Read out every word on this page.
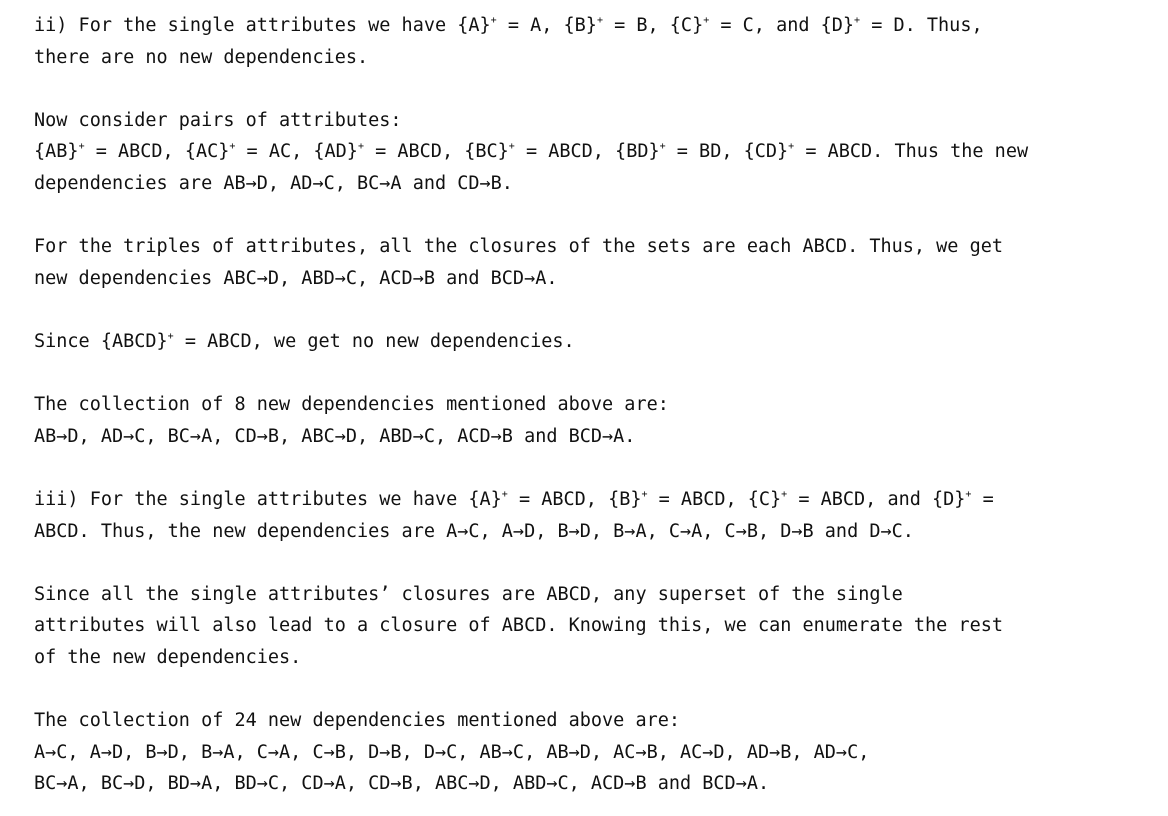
ii) For the single attributes we have {A}+ = A, {B}+ = B, {C}+ = C, and {D}+ = D. Thus,
there are no new dependencies.
Now consider pairs of attributes:
{AB}+ = ABCD, {AC}+ = AC, {AD}+ = ABCD, {BC}+ = ABCD, {BD}+ = BD, {CD}+ = ABCD. Thus the new
dependencies are AB→D, AD→C, BC→A and CD→B.
For the triples of attributes, all the closures of the sets are each ABCD. Thus, we get
new dependencies ABC→D, ABD→C, ACD→B and BCD→A.
Since {ABCD}+ = ABCD, we get no new dependencies.
The collection of 8 new dependencies mentioned above are:
AB→D, AD→C, BC→A, CD→B, ABC→D, ABD→C, ACD→B and BCD→A.
iii) For the single attributes we have {A}+ = ABCD, {B}+ = ABCD, {C}+ = ABCD, and {D}+ =
ABCD. Thus, the new dependencies are A→C, A→D, B→D, B→A, C→A, C→B, D→B and D→C.
Since all the single attributes’ closures are ABCD, any superset of the single
attributes will also lead to a closure of ABCD. Knowing this, we can enumerate the rest
of the new dependencies.
The collection of 24 new dependencies mentioned above are:
A→C, A→D, B→D, B→A, C→A, C→B, D→B, D→C, AB→C, AB→D, AC→B, AC→D, AD→B, AD→C,
BC→A, BC→D, BD→A, BD→C, CD→A, CD→B, ABC→D, ABD→C, ACD→B and BCD→A.
